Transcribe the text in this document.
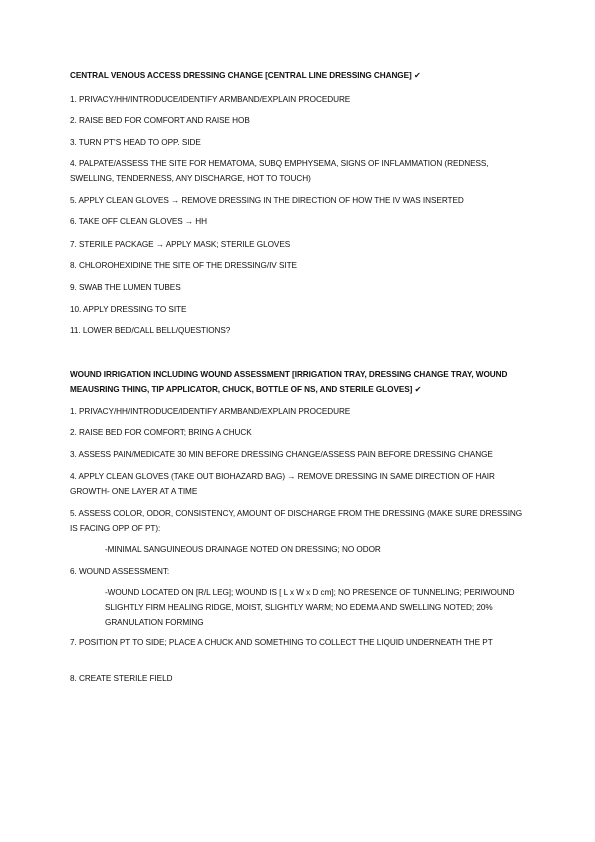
CENTRAL VENOUS ACCESS DRESSING CHANGE [CENTRAL LINE DRESSING CHANGE] ✔
1. PRIVACY/HH/INTRODUCE/IDENTIFY ARMBAND/EXPLAIN PROCEDURE
2. RAISE BED FOR COMFORT AND RAISE HOB
3. TURN PT’S HEAD TO OPP. SIDE
4. PALPATE/ASSESS THE SITE FOR HEMATOMA, SUBQ EMPHYSEMA, SIGNS OF INFLAMMATION (REDNESS, SWELLING, TENDERNESS, ANY DISCHARGE, HOT TO TOUCH)
5. APPLY CLEAN GLOVES → REMOVE DRESSING IN THE DIRECTION OF HOW THE IV WAS INSERTED
6. TAKE OFF CLEAN GLOVES → HH
7. STERILE PACKAGE → APPLY MASK; STERILE GLOVES
8. CHLOROHEXIDINE THE SITE OF THE DRESSING/IV SITE
9. SWAB THE LUMEN TUBES
10. APPLY DRESSING TO SITE
11. LOWER BED/CALL BELL/QUESTIONS?
WOUND IRRIGATION INCLUDING WOUND ASSESSMENT [IRRIGATION TRAY, DRESSING CHANGE TRAY, WOUND MEAUSRING THING, TIP APPLICATOR, CHUCK, BOTTLE OF NS, AND STERILE GLOVES] ✔
1. PRIVACY/HH/INTRODUCE/IDENTIFY ARMBAND/EXPLAIN PROCEDURE
2. RAISE BED FOR COMFORT; BRING A CHUCK
3. ASSESS PAIN/MEDICATE 30 MIN BEFORE DRESSING CHANGE/ASSESS PAIN BEFORE DRESSING CHANGE
4. APPLY CLEAN GLOVES (TAKE OUT BIOHAZARD BAG) → REMOVE DRESSING IN SAME DIRECTION OF HAIR GROWTH- ONE LAYER AT A TIME
5. ASSESS COLOR, ODOR, CONSISTENCY, AMOUNT OF DISCHARGE FROM THE DRESSING (MAKE SURE DRESSING IS FACING OPP OF PT):
-MINIMAL SANGUINEOUS DRAINAGE NOTED ON DRESSING; NO ODOR
6. WOUND ASSESSMENT:
-WOUND LOCATED ON [R/L LEG]; WOUND IS [ L x W x D cm]; NO PRESENCE OF TUNNELING; PERIWOUND SLIGHTLY FIRM HEALING RIDGE, MOIST, SLIGHTLY WARM; NO EDEMA AND SWELLING NOTED; 20% GRANULATION FORMING
7. POSITION PT TO SIDE; PLACE A CHUCK AND SOMETHING TO COLLECT THE LIQUID UNDERNEATH THE PT
8. CREATE STERILE FIELD
